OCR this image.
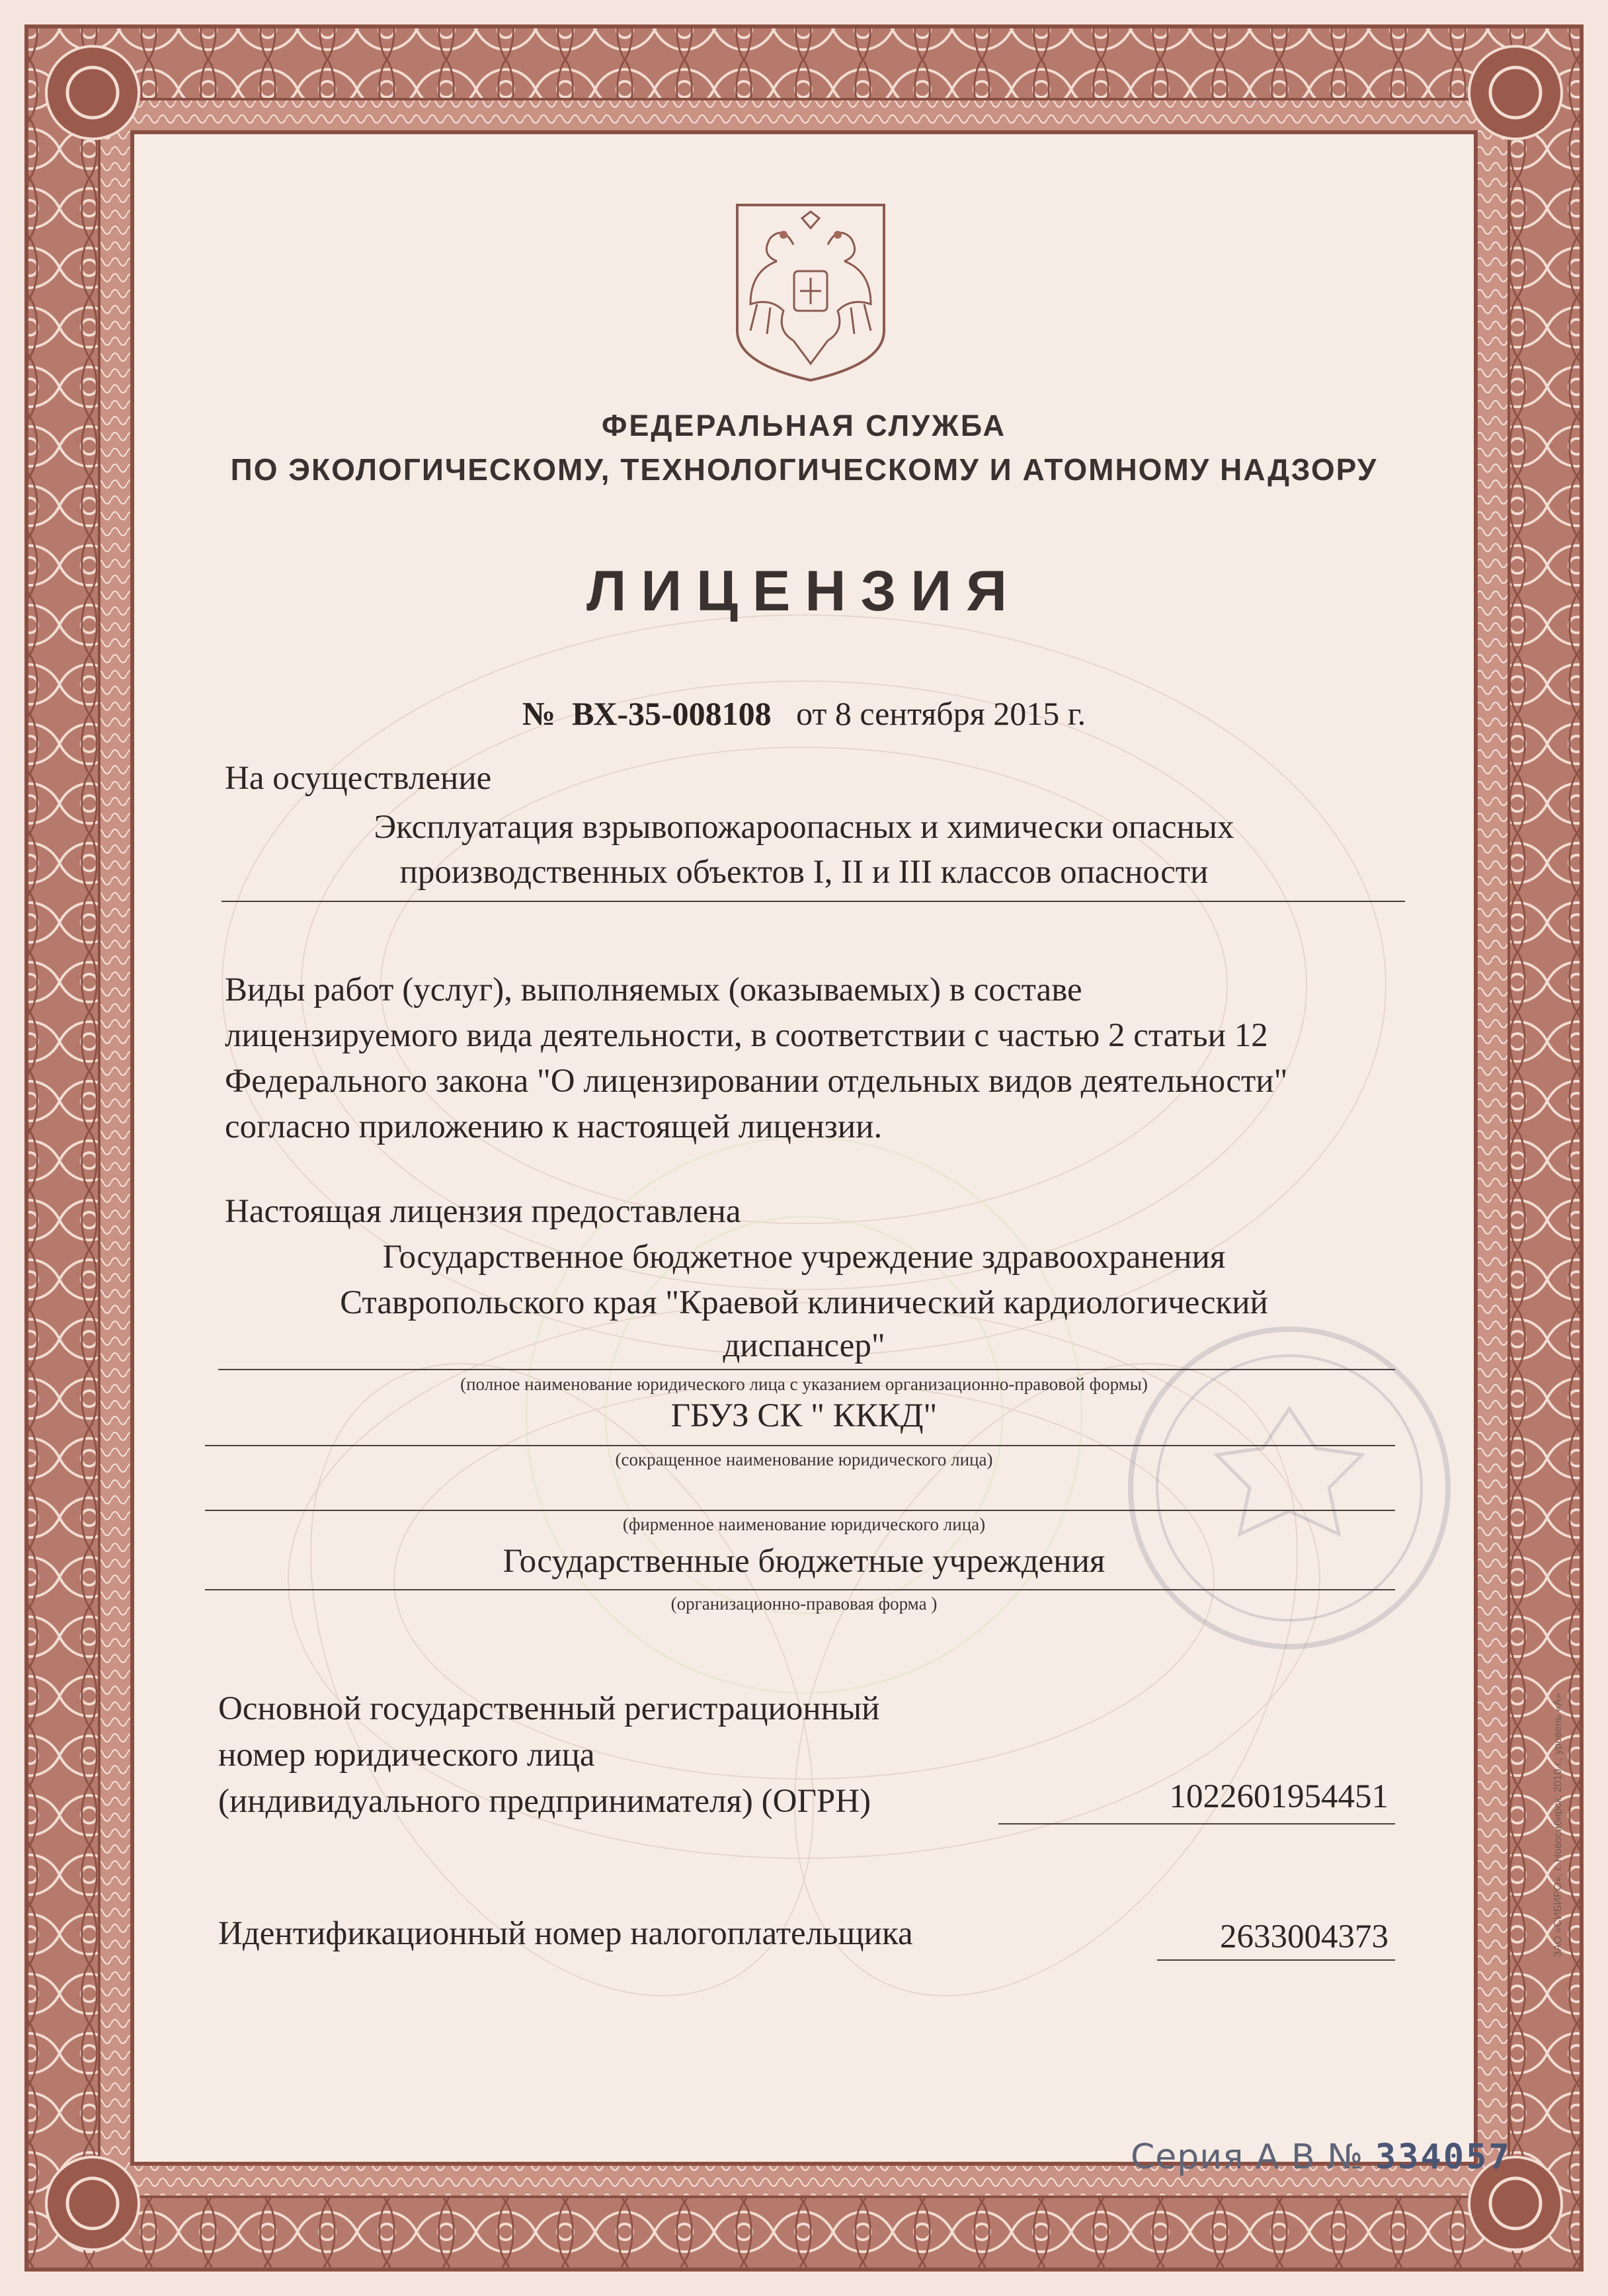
ФЕДЕРАЛЬНАЯ СЛУЖБА
ПО ЭКОЛОГИЧЕСКОМУ, ТЕХНОЛОГИЧЕСКОМУ И АТОМНОМУ НАДЗОРУ
ЛИЦЕНЗИЯ
№ ВХ-35-008108 от 8 сентября 2015 г.
На осуществление
Эксплуатация взрывопожароопасных и химически опасных
производственных объектов I, II и III классов опасности
Виды работ (услуг), выполняемых (оказываемых) в составе
лицензируемого вида деятельности, в соответствии с частью 2 статьи 12
Федерального закона "О лицензировании отдельных видов деятельности"
согласно приложению к настоящей лицензии.
Настоящая лицензия предоставлена
Государственное бюджетное учреждение здравоохранения
Ставропольского края "Краевой клинический кардиологический
диспансер"
(полное наименование юридического лица с указанием организационно-правовой формы)
ГБУЗ СК " КККД"
(сокращенное наименование юридического лица)
(фирменное наименование юридического лица)
Государственные бюджетные учреждения
(организационно-правовая форма )
Основной государственный регистрационный
номер юридического лица
(индивидуального предпринимателя) (ОГРН)	1022601954451
Идентификационный номер налогоплательщика	2633004373
Серия А В № 334057
ЗАО «СИБИРО», г. Новосибирск, 2010 г., уровень «А»
